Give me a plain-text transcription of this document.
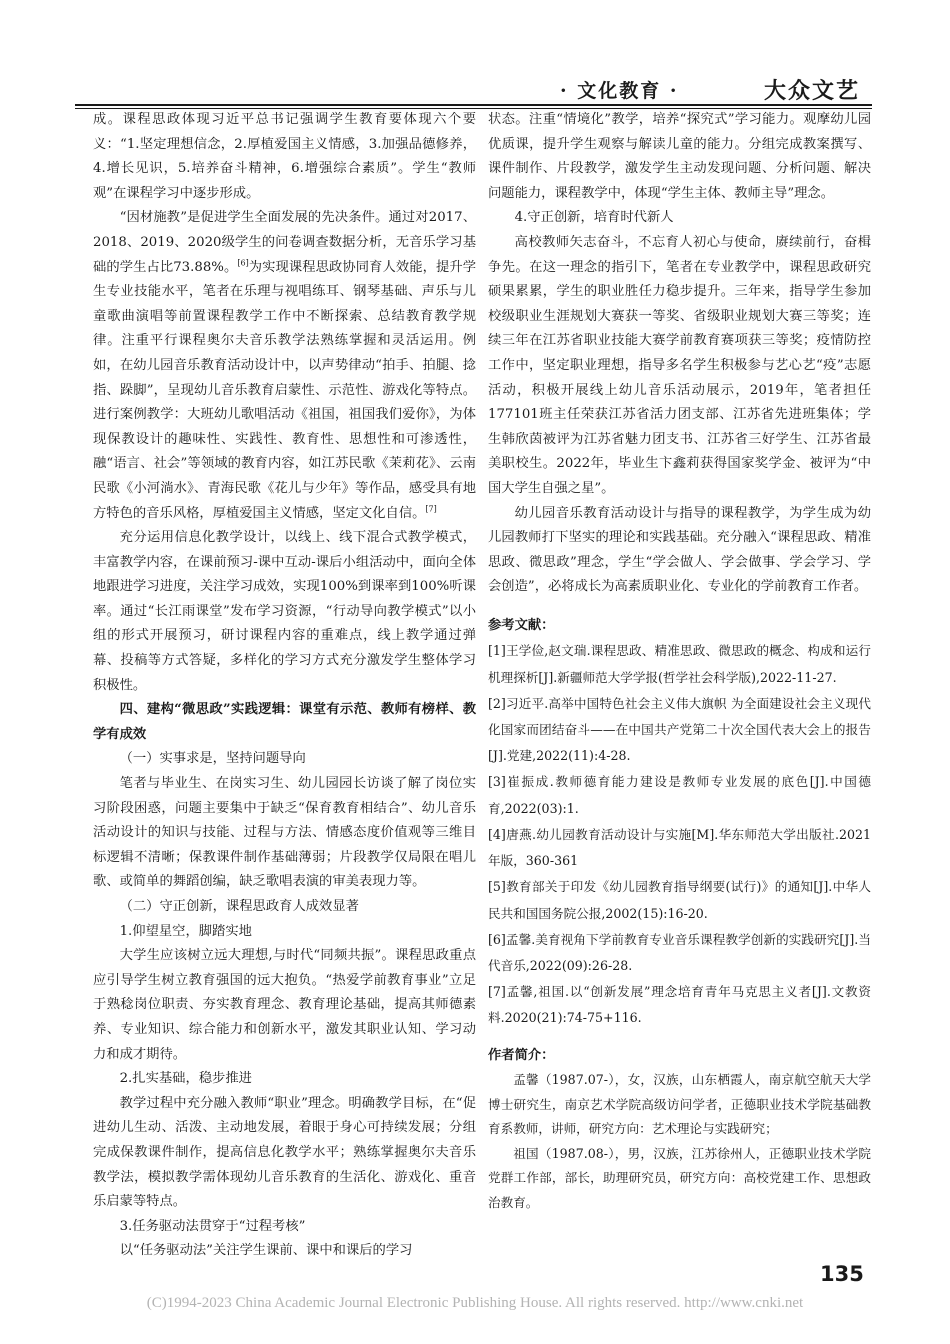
· 文化教育 ·	大众文艺

成。课程思政体现习近平总书记强调学生教育要体现六个要义：“1.坚定理想信念，2.厚植爱国主义情感，3.加强品德修养，4.增长见识，5.培养奋斗精神，6.增强综合素质”。学生“教师观”在课程学习中逐步形成。

“因材施教”是促进学生全面发展的先决条件。通过对2017、2018、2019、2020级学生的问卷调查数据分析，无音乐学习基础的学生占比73.88%。[6]为实现课程思政协同育人效能，提升学生专业技能水平，笔者在乐理与视唱练耳、钢琴基础、声乐与儿童歌曲演唱等前置课程教学工作中不断探索、总结教育教学规律。注重平行课程奥尔夫音乐教学法熟练掌握和灵活运用。例如，在幼儿园音乐教育活动设计中，以声势律动“拍手、拍腿、捻指、跺脚”，呈现幼儿音乐教育启蒙性、示范性、游戏化等特点。进行案例教学：大班幼儿歌唱活动《祖国，祖国我们爱你》，为体现保教设计的趣味性、实践性、教育性、思想性和可渗透性，融“语言、社会”等领域的教育内容，如江苏民歌《茉莉花》、云南民歌《小河淌水》、青海民歌《花儿与少年》等作品，感受具有地方特色的音乐风格，厚植爱国主义情感，坚定文化自信。[7]

充分运用信息化教学设计，以线上、线下混合式教学模式，丰富教学内容，在课前预习-课中互动-课后小组活动中，面向全体地跟进学习进度，关注学习成效，实现100%到课率到100%听课率。通过“长江雨课堂”发布学习资源，“行动导向教学模式”以小组的形式开展预习，研讨课程内容的重难点，线上教学通过弹幕、投稿等方式答疑，多样化的学习方式充分激发学生整体学习积极性。

四、建构“微思政”实践逻辑：课堂有示范、教师有榜样、教学有成效

（一）实事求是，坚持问题导向

笔者与毕业生、在岗实习生、幼儿园园长访谈了解了岗位实习阶段困惑，问题主要集中于缺乏“保育教育相结合”、幼儿音乐活动设计的知识与技能、过程与方法、情感态度价值观等三维目标逻辑不清晰；保教课件制作基础薄弱；片段教学仅局限在唱儿歌、或简单的舞蹈创编，缺乏歌唱表演的审美表现力等。

（二）守正创新，课程思政育人成效显著

1.仰望星空，脚踏实地

大学生应该树立远大理想,与时代“同频共振”。课程思政重点应引导学生树立教育强国的远大抱负。“热爱学前教育事业”立足于熟稔岗位职责、夯实教育理念、教育理论基础，提高其师德素养、专业知识、综合能力和创新水平，激发其职业认知、学习动力和成才期待。

2.扎实基础，稳步推进

教学过程中充分融入教师“职业”理念。明确教学目标，在“促进幼儿生动、活泼、主动地发展，着眼于身心可持续发展；分组完成保教课件制作，提高信息化教学水平；熟练掌握奥尔夫音乐教学法，模拟教学需体现幼儿音乐教育的生活化、游戏化、重音乐启蒙等特点。

3.任务驱动法贯穿于“过程考核”

以“任务驱动法”关注学生课前、课中和课后的学习

状态。注重“情境化”教学，培养“探究式”学习能力。观摩幼儿园优质课，提升学生观察与解读儿童的能力。分组完成教案撰写、课件制作、片段教学，激发学生主动发现问题、分析问题、解决问题能力，课程教学中，体现“学生主体、教师主导”理念。

4.守正创新，培育时代新人

高校教师矢志奋斗，不忘育人初心与使命，赓续前行，奋楫争先。在这一理念的指引下，笔者在专业教学中，课程思政研究硕果累累，学生的职业胜任力稳步提升。三年来，指导学生参加校级职业生涯规划大赛获一等奖、省级职业规划大赛三等奖；连续三年在江苏省职业技能大赛学前教育赛项获三等奖；疫情防控工作中，坚定职业理想，指导多名学生积极参与艺心艺“疫”志愿活动，积极开展线上幼儿音乐活动展示，2019年，笔者担任177101班主任荣获江苏省活力团支部、江苏省先进班集体；学生韩欣茵被评为江苏省魅力团支书、江苏省三好学生、江苏省最美职校生。2022年，毕业生卞鑫莉获得国家奖学金、被评为“中国大学生自强之星”。

幼儿园音乐教育活动设计与指导的课程教学，为学生成为幼儿园教师打下坚实的理论和实践基础。充分融入“课程思政、精准思政、微思政”理念，学生“学会做人、学会做事、学会学习、学会创造”，必将成长为高素质职业化、专业化的学前教育工作者。

参考文献：

[1]王学俭,赵文瑞.课程思政、精准思政、微思政的概念、构成和运行机理探析[J].新疆师范大学学报(哲学社会科学版),2022-11-27.

[2]习近平.高举中国特色社会主义伟大旗帜 为全面建设社会主义现代化国家而团结奋斗——在中国共产党第二十次全国代表大会上的报告[J].党建,2022(11):4-28.

[3]崔振成.教师德育能力建设是教师专业发展的底色[J].中国德育,2022(03):1.

[4]唐燕.幼儿园教育活动设计与实施[M].华东师范大学出版社.2021年版，360-361

[5]教育部关于印发《幼儿园教育指导纲要(试行)》的通知[J].中华人民共和国国务院公报,2002(15):16-20.

[6]孟馨.美育视角下学前教育专业音乐课程教学创新的实践研究[J].当代音乐,2022(09):26-28.

[7]孟馨,祖国.以“创新发展”理念培育青年马克思主义者[J].文教资料.2020(21):74-75+116.

作者简介：

孟馨（1987.07-），女，汉族，山东栖霞人，南京航空航天大学博士研究生，南京艺术学院高级访问学者，正德职业技术学院基础教育系教师，讲师，研究方向：艺术理论与实践研究；

祖国（1987.08-），男，汉族，江苏徐州人，正德职业技术学院党群工作部，部长，助理研究员，研究方向：高校党建工作、思想政治教育。

135
(C)1994-2023 China Academic Journal Electronic Publishing House. All rights reserved. http://www.cnki.net
